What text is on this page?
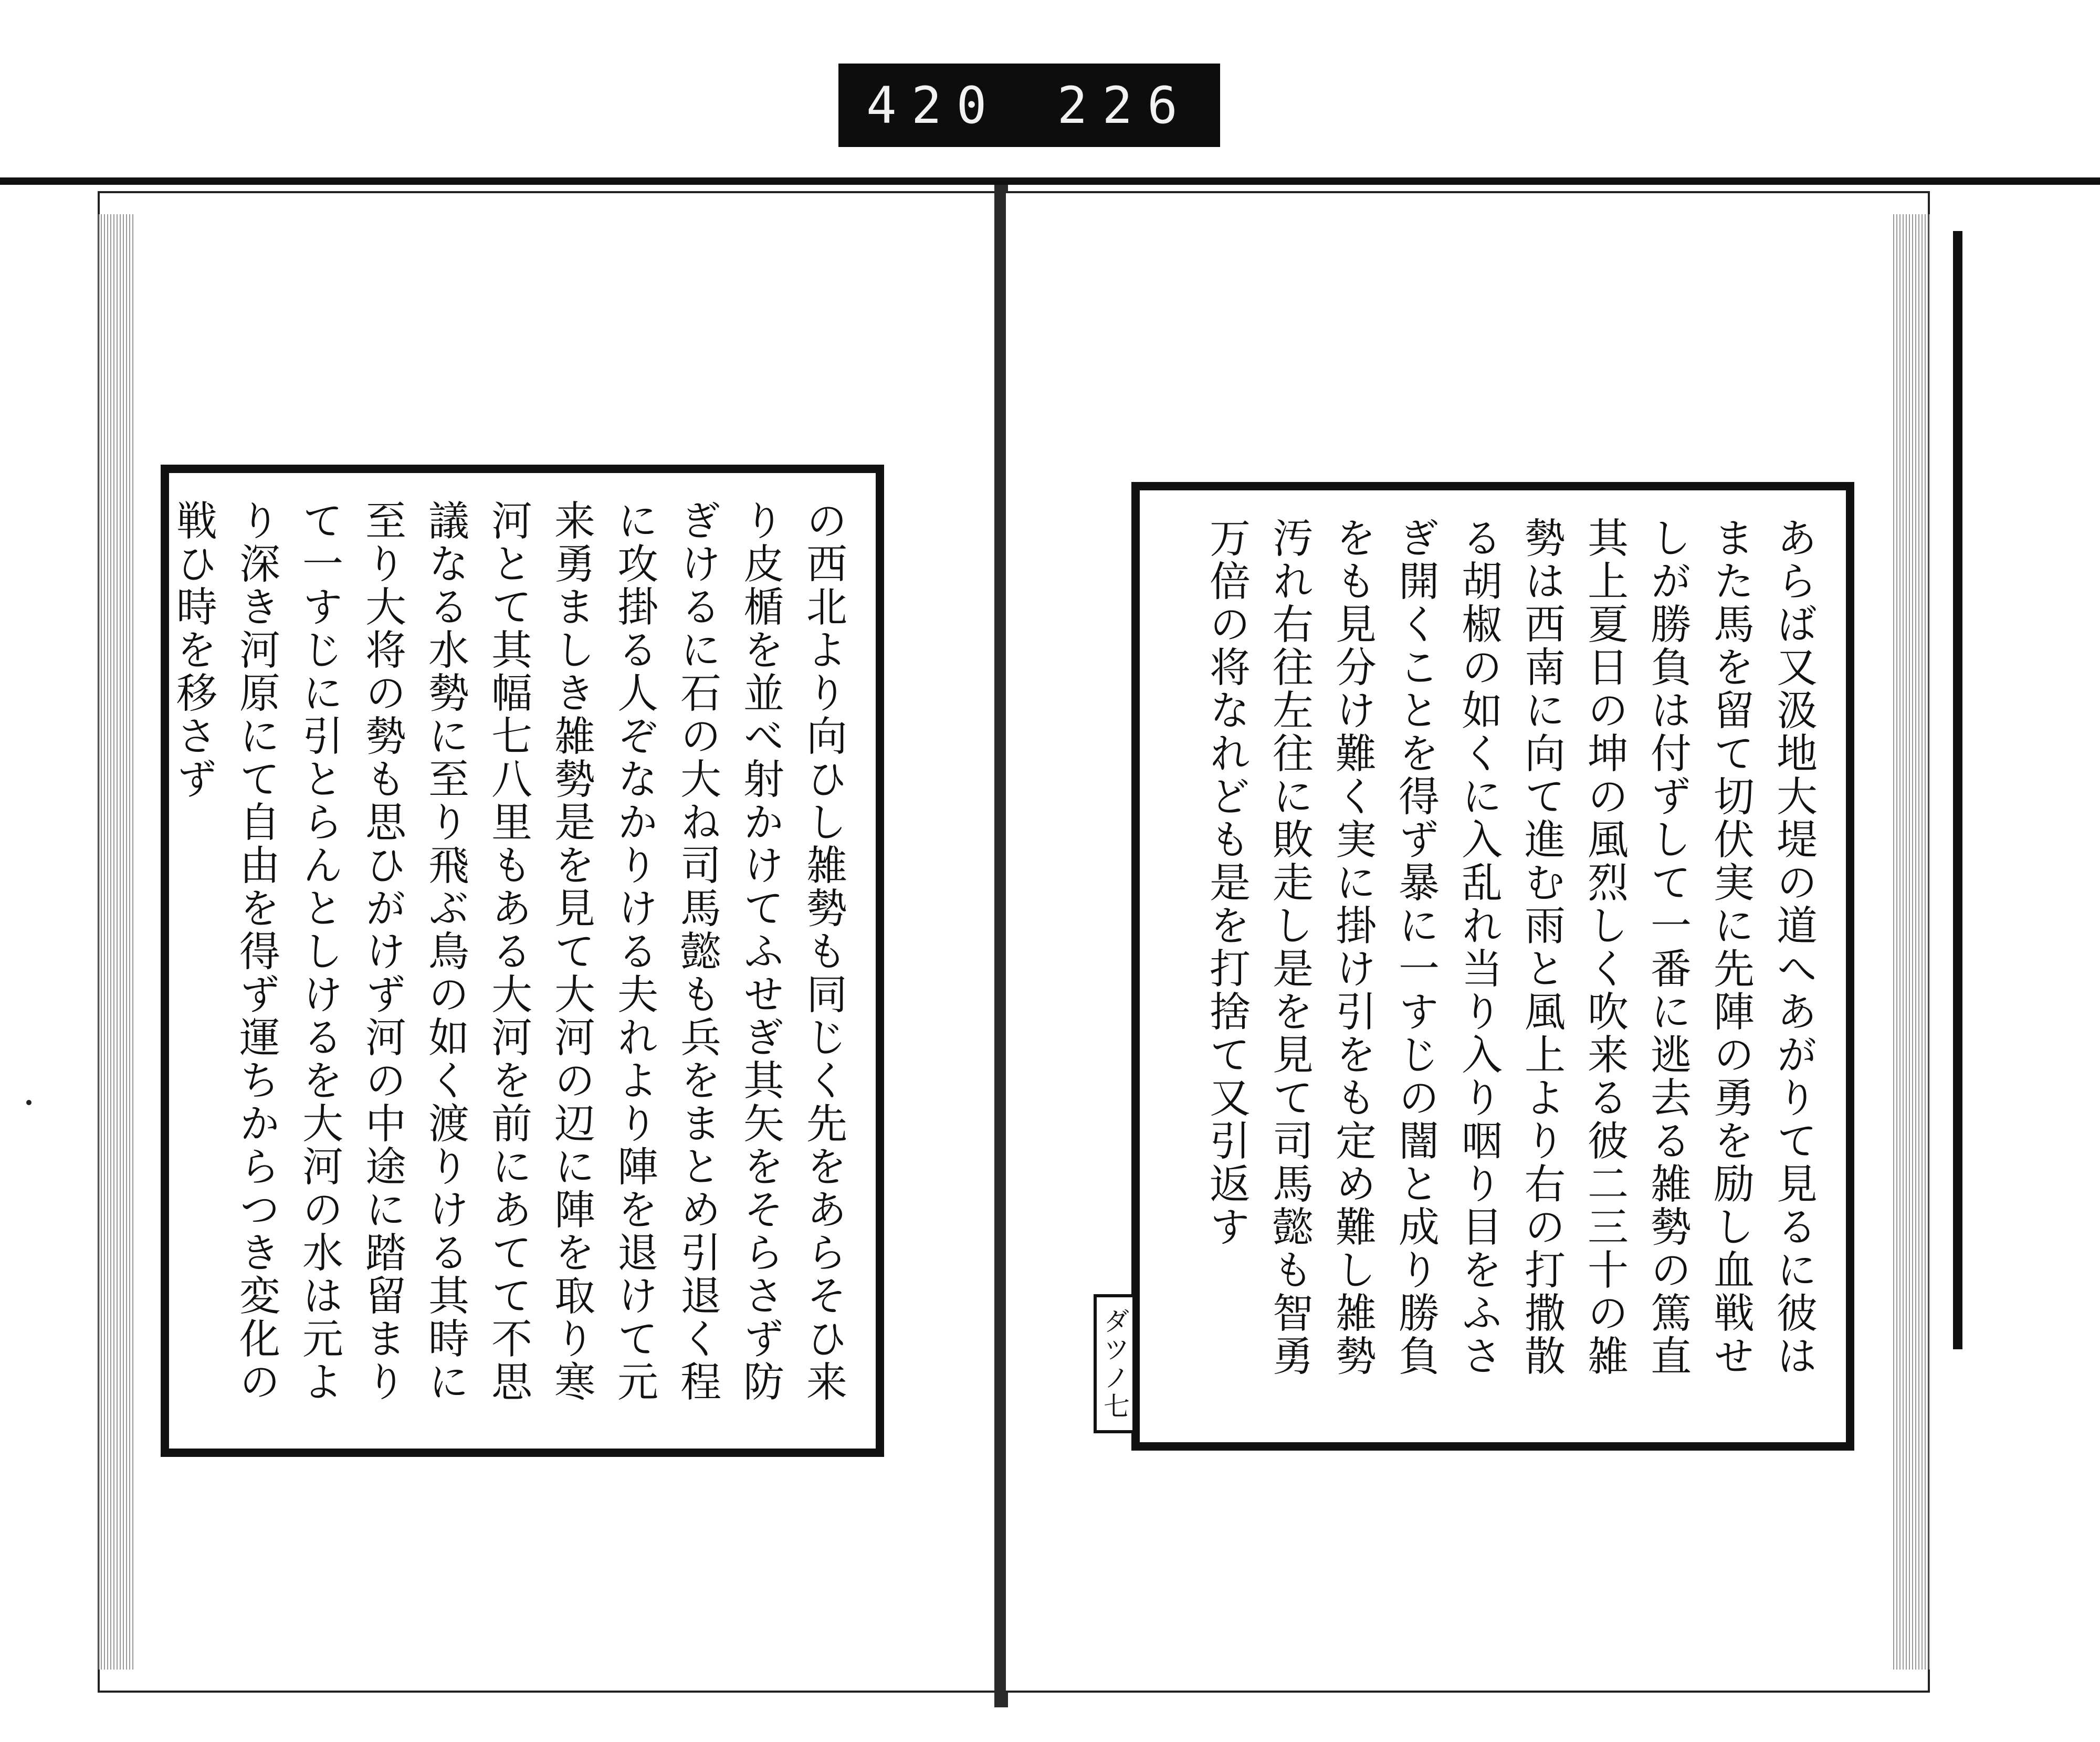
420 226
の西北より向ひし雑勢も同じく先をあらそひ来り皮楯を並べ射かけてふせぎ其矢をそらさず防ぎけるに石の大ね司馬懿も兵をまとめ引退く程に攻掛る人ぞなかりける夫れより陣を退けて元来勇ましき雑勢是を見て大河の辺に陣を取り寒河とて其幅七八里もある大河を前にあてて不思議なる水勢に至り飛ぶ鳥の如く渡りける其時に至り大将の勢も思ひがけず河の中途に踏留まりて一すじに引とらんとしけるを大河の水は元より深き河原にて自由を得ず運ちからつき変化の戦ひ時を移さず	あらば又汲地大堤の道へあがりて見るに彼はまた馬を留て切伏実に先陣の勇を励し血戦せしが勝負は付ずして一番に逃去る雑勢の篤直其上夏日の坤の風烈しく吹来る彼二三十の雑勢は西南に向て進む雨と風上より右の打撒散る胡椒の如くに入乱れ当り入り咽り目をふさぎ開くことを得ず暴に一すじの闇と成り勝負をも見分け難く実に掛け引をも定め難し雑勢汚れ右往左往に敗走し是を見て司馬懿も智勇万倍の将なれども是を打捨て又引返す
ダツノ七
